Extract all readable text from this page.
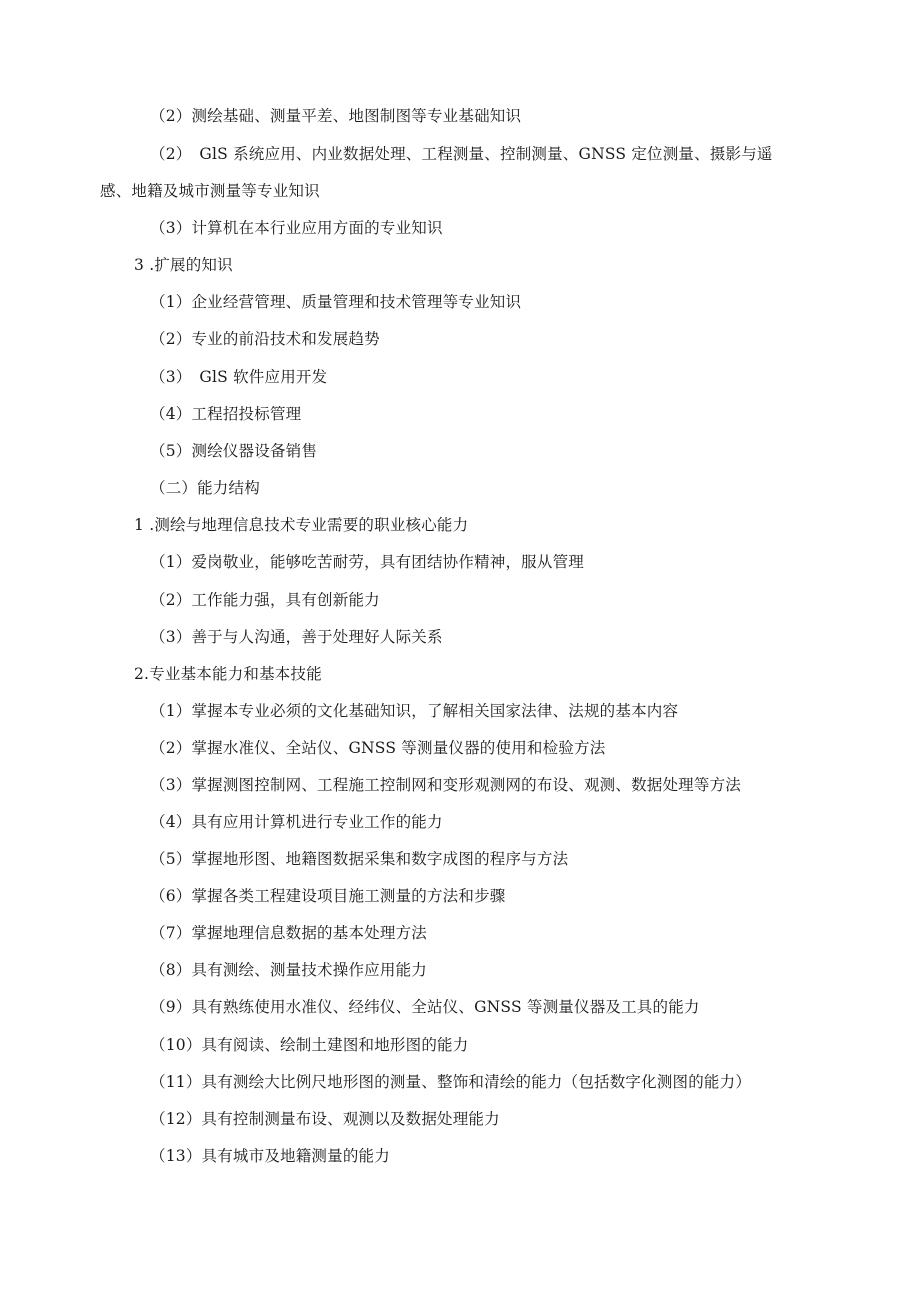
（2）测绘基础、测量平差、地图制图等专业基础知识
（2）　GlS 系统应用、内业数据处理、工程测量、控制测量、GNSS 定位测量、摄影与遥
感、地籍及城市测量等专业知识
（3）计算机在本行业应用方面的专业知识
3 .扩展的知识
（1）企业经营管理、质量管理和技术管理等专业知识
（2）专业的前沿技术和发展趋势
（3）　GlS 软件应用开发
（4）工程招投标管理
（5）测绘仪器设备销售
（二）能力结构
1 .测绘与地理信息技术专业需要的职业核心能力
（1）爱岗敬业，能够吃苦耐劳，具有团结协作精神，服从管理
（2）工作能力强，具有创新能力
（3）善于与人沟通，善于处理好人际关系
2.专业基本能力和基本技能
（1）掌握本专业必须的文化基础知识，了解相关国家法律、法规的基本内容
（2）掌握水准仪、全站仪、GNSS 等测量仪器的使用和检验方法
（3）掌握测图控制网、工程施工控制网和变形观测网的布设、观测、数据处理等方法
（4）具有应用计算机进行专业工作的能力
（5）掌握地形图、地籍图数据采集和数字成图的程序与方法
（6）掌握各类工程建设项目施工测量的方法和步骤
（7）掌握地理信息数据的基本处理方法
（8）具有测绘、测量技术操作应用能力
（9）具有熟练使用水准仪、经纬仪、全站仪、GNSS 等测量仪器及工具的能力
（10）具有阅读、绘制土建图和地形图的能力
（11）具有测绘大比例尺地形图的测量、整饰和清绘的能力（包括数字化测图的能力）
（12）具有控制测量布设、观测以及数据处理能力
（13）具有城市及地籍测量的能力
